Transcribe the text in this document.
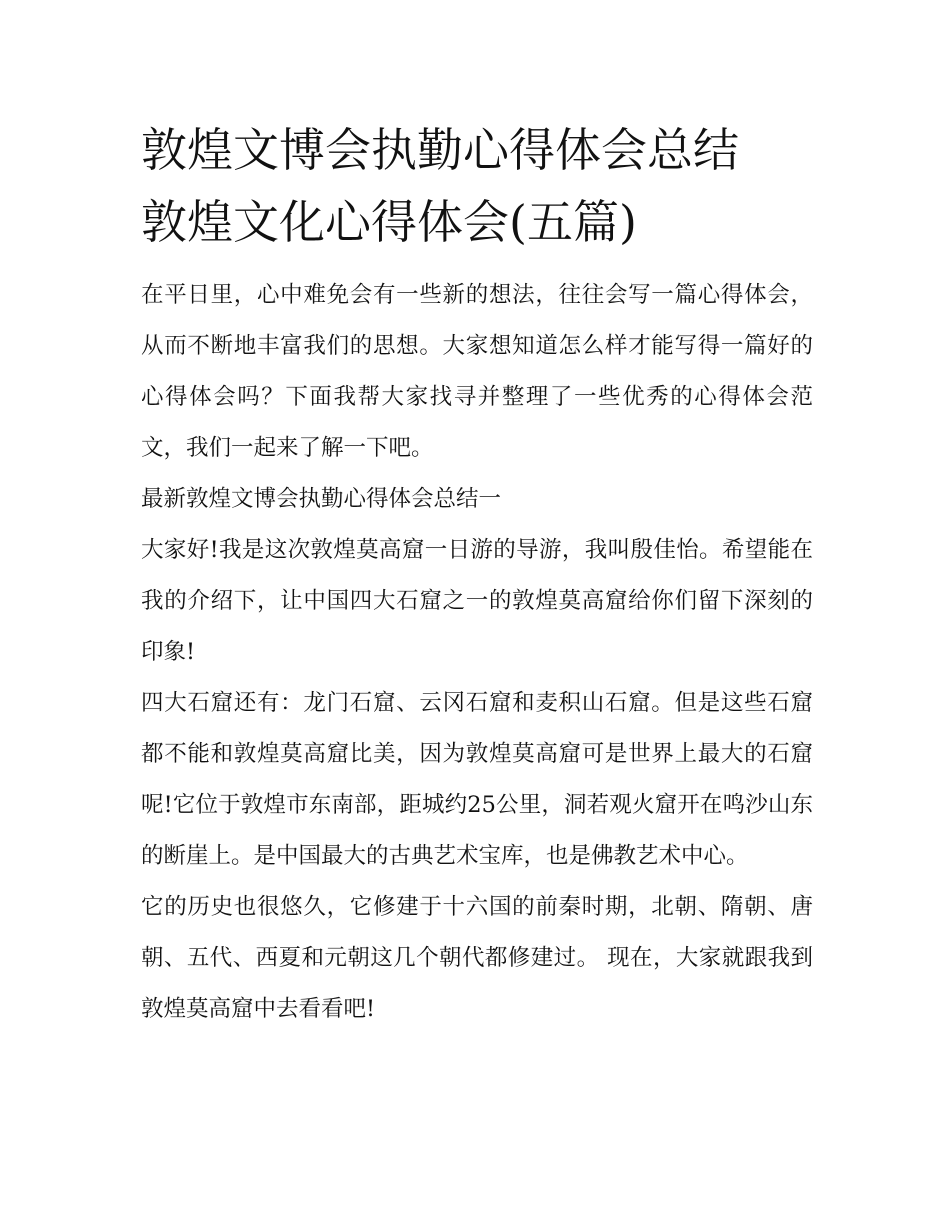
敦煌文博会执勤心得体会总结
敦煌文化心得体会(五篇)

在平日里，心中难免会有一些新的想法，往往会写一篇心得体会，从而不断地丰富我们的思想。大家想知道怎么样才能写得一篇好的心得体会吗？下面我帮大家找寻并整理了一些优秀的心得体会范文，我们一起来了解一下吧。

最新敦煌文博会执勤心得体会总结一

大家好!我是这次敦煌莫高窟一日游的导游，我叫殷佳怡。希望能在我的介绍下，让中国四大石窟之一的敦煌莫高窟给你们留下深刻的印象!

四大石窟还有：龙门石窟、云冈石窟和麦积山石窟。但是这些石窟都不能和敦煌莫高窟比美，因为敦煌莫高窟可是世界上最大的石窟呢!它位于敦煌市东南部，距城约25公里，洞若观火窟开在鸣沙山东的断崖上。是中国最大的古典艺术宝库，也是佛教艺术中心。

它的历史也很悠久，它修建于十六国的前秦时期，北朝、隋朝、唐朝、五代、西夏和元朝这几个朝代都修建过。 现在，大家就跟我到敦煌莫高窟中去看看吧!
